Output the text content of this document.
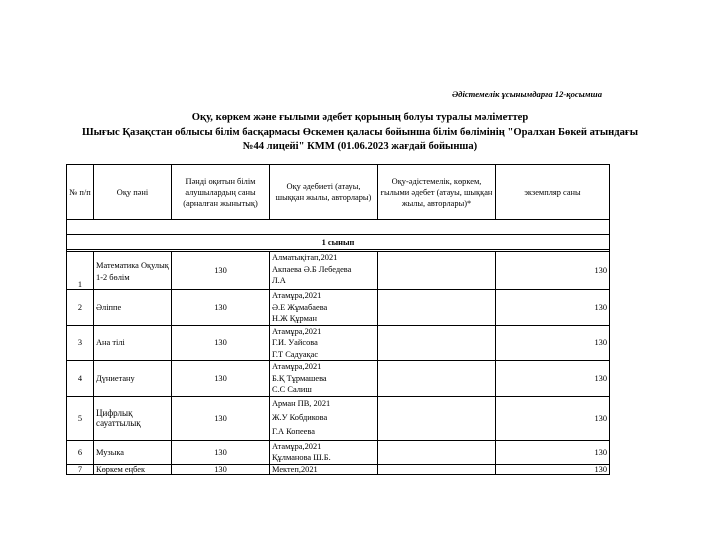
Әдістемелік ұсынымдарға 12-қосымша
Оқу, көркем және ғылыми әдебет қорының болуы туралы мәліметтер
Шығыс Қазақстан облысы білім басқармасы Өскемен қаласы бойынша білім бөлімінің "Оралхан Бөкей атындағы
№44 лицейі" КММ (01.06.2023 жағдай бойынша)
№ п/п	Оқу пәні	Пәнді оқитын білім алушылардың саны (арналған жынытық)	Оқу әдебиеті (атауы, шыққан жылы, авторлары)	Оқу-әдістемелік, көркем, ғылыми әдебет (атауы, шыққан жылы, авторлары)*	экземпляр саны

1 сынып					

1	Математика Оқулық 1-2 бөлім	130	Алматықітап,2021
Акпаева Ә.Б Лебедева
Л.А		130
2	Әліппе	130	Атамұра,2021
Ә.Е Жұмабаева
Н.Ж Құрман		130
3	Ана тілі	130	Атамұра,2021
Г.И. Уайсова
Г.Т Садуақас		130
4	Дүниетану	130	Атамұра,2021
Б.Қ Тұрмашева
С.С Салиш		130
5	Цифрлық сауаттылық	130	Арман ПВ, 2021
Ж.У Кобдикова
Г.А Копеева		130
6	Музыка	130	Атамұра,2021
Құлманова Ш.Б.		130
7	Көркем еңбек	130	Мектеп,2021		130
